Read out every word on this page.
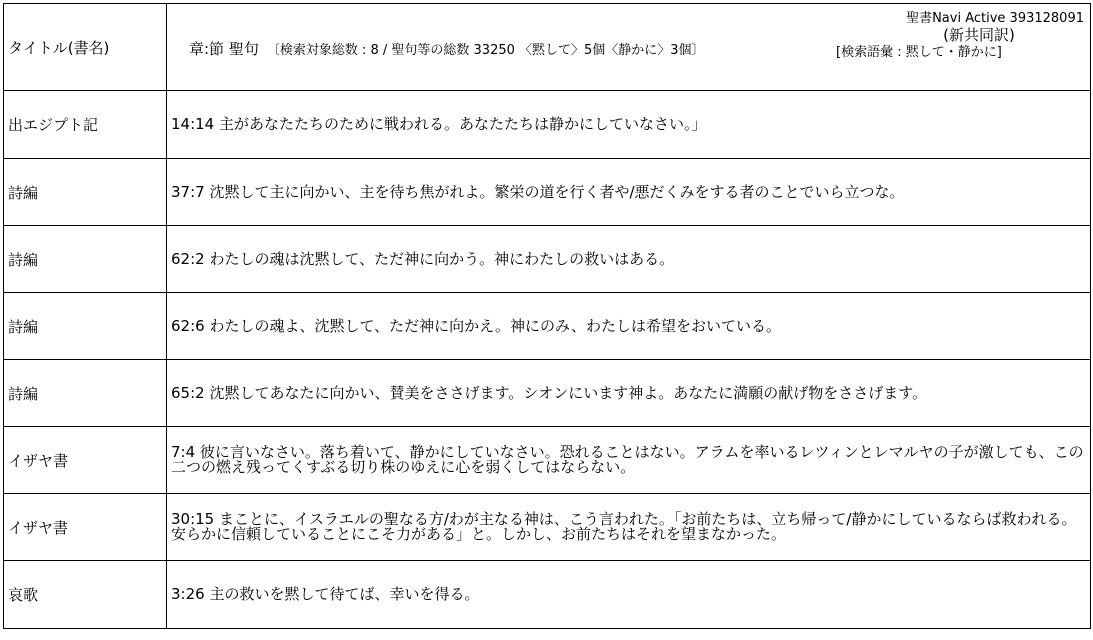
タイトル(書名)	章:節 聖句 〔検索対象総数 : 8 / 聖句等の総数 33250 〈黙して〉5個〈静かに〉3個〕
聖書Navi Active 393128091
(新共同訳)
[検索語彙 : 黙して・静かに]

出エジプト記	14:14 主があなたたちのために戦われる。あなたたちは静かにしていなさい。」
詩編	37:7 沈黙して主に向かい、主を待ち焦がれよ。繁栄の道を行く者や/悪だくみをする者のことでいら立つな。
詩編	62:2 わたしの魂は沈黙して、ただ神に向かう。神にわたしの救いはある。
詩編	62:6 わたしの魂よ、沈黙して、ただ神に向かえ。神にのみ、わたしは希望をおいている。
詩編	65:2 沈黙してあなたに向かい、賛美をささげます。シオンにいます神よ。あなたに満願の献げ物をささげます。
イザヤ書	7:4 彼に言いなさい。落ち着いて、静かにしていなさい。恐れることはない。アラムを率いるレツィンとレマルヤの子が激しても、この二つの燃え残ってくすぶる切り株のゆえに心を弱くしてはならない。
イザヤ書	30:15 まことに、イスラエルの聖なる方/わが主なる神は、こう言われた。「お前たちは、立ち帰って/静かにしているならば救われる。安らかに信頼していることにこそ力がある」と。しかし、お前たちはそれを望まなかった。
哀歌	3:26 主の救いを黙して待てば、幸いを得る。
